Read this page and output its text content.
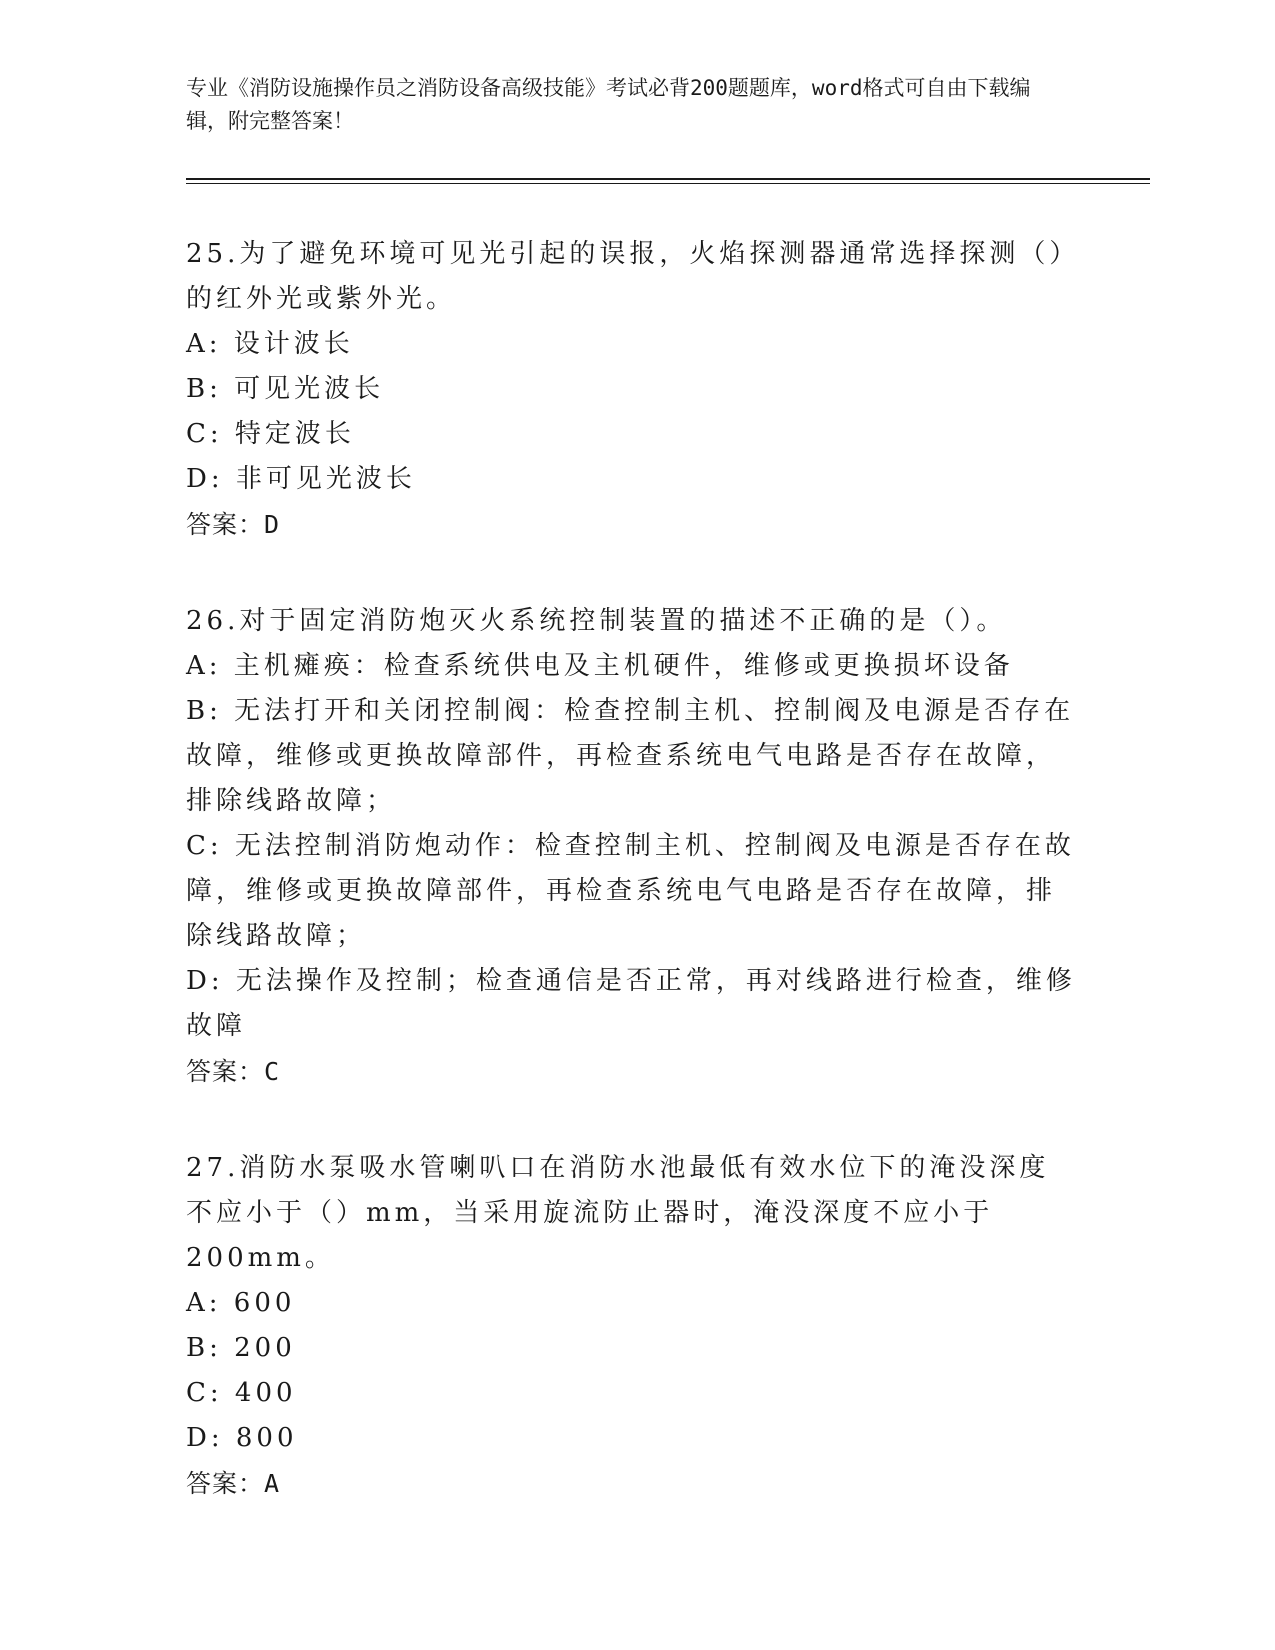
专业《消防设施操作员之消防设备高级技能》考试必背200题题库，word格式可自由下载编辑，附完整答案！

25.为了避免环境可见光引起的误报，火焰探测器通常选择探测（）的红外光或紫外光。

A: 设计波长

B: 可见光波长

C: 特定波长

D: 非可见光波长

答案：D

26.对于固定消防炮灭火系统控制装置的描述不正确的是（）。

A: 主机瘫痪：检查系统供电及主机硬件，维修或更换损坏设备

B: 无法打开和关闭控制阀：检查控制主机、控制阀及电源是否存在故障，维修或更换故障部件，再检查系统电气电路是否存在故障，排除线路故障；

C: 无法控制消防炮动作：检查控制主机、控制阀及电源是否存在故障，维修或更换故障部件，再检查系统电气电路是否存在故障，排除线路故障；

D: 无法操作及控制；检查通信是否正常，再对线路进行检查，维修故障

答案：C

27.消防水泵吸水管喇叭口在消防水池最低有效水位下的淹没深度不应小于（）mm，当采用旋流防止器时，淹没深度不应小于200mm。

A: 600

B: 200

C: 400

D: 800

答案：A
